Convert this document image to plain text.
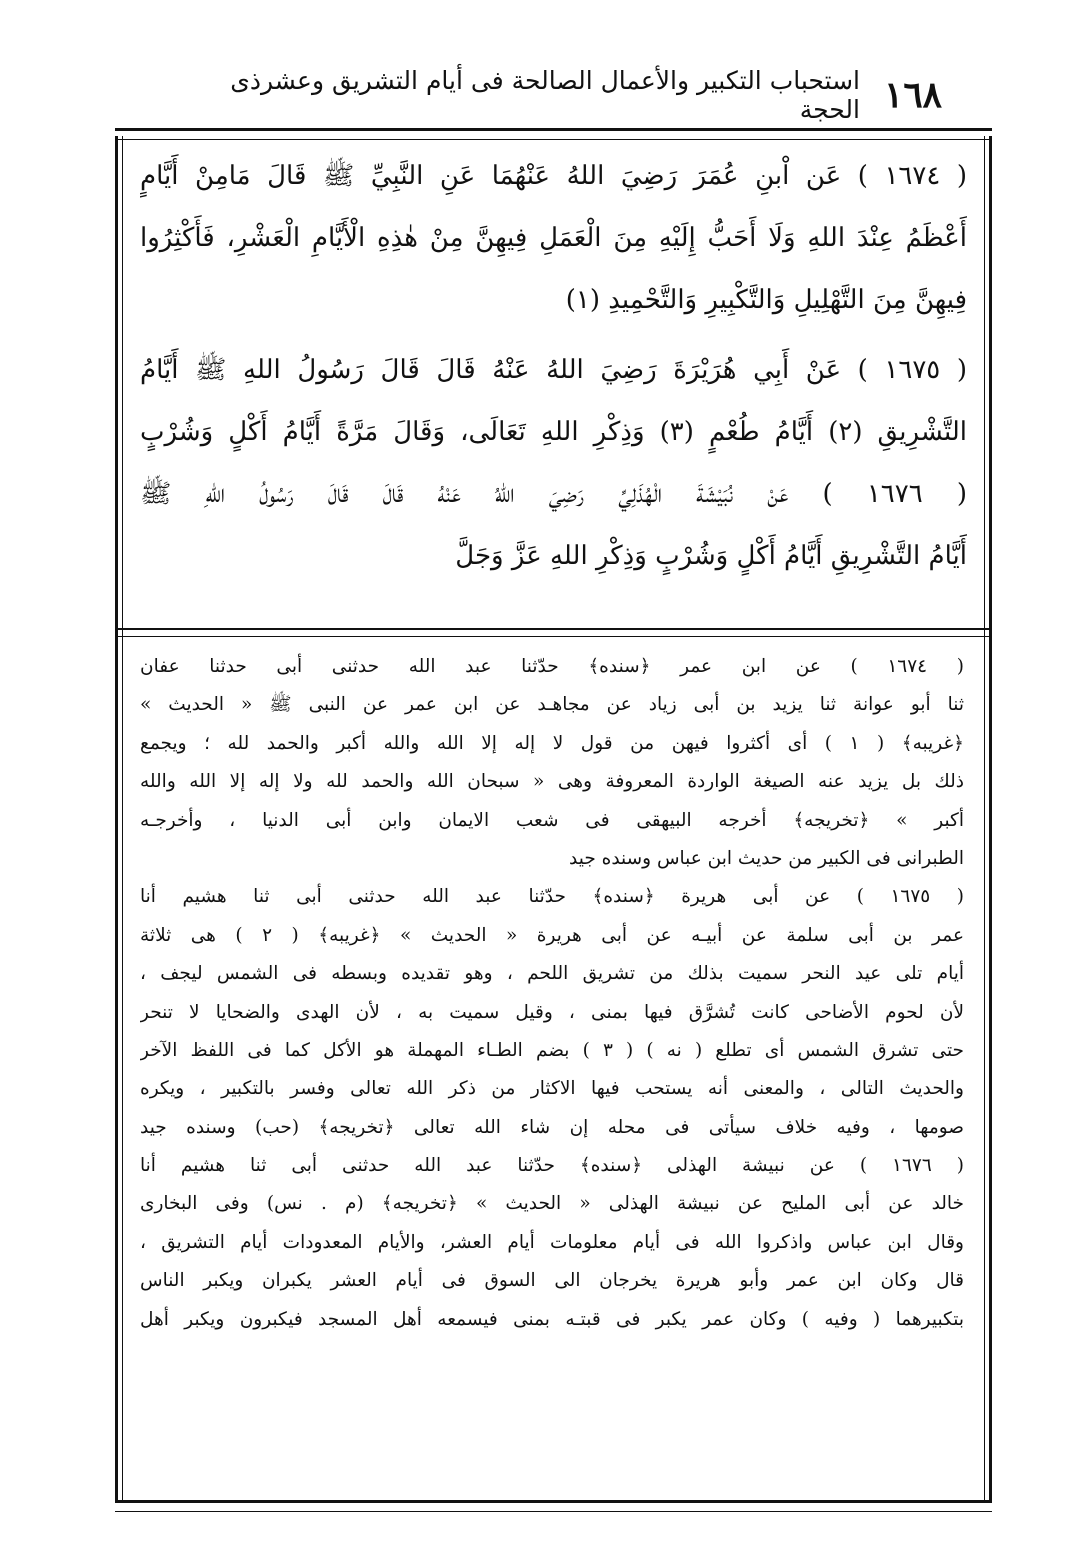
١٦٨
استحباب التكبير والأعمال الصالحة فى أيام التشريق وعشرذى الحجة
( ١٦٧٤ ) عَن اْبنِ عُمَرَ رَضِيَ اللهُ عَنْهُمَا عَنِ النَّبِيِّ ﷺ قَالَ مَامِنْ أَيَّامٍ
أَعْظَمُ عِنْدَ اللهِ وَلَا أَحَبُّ إِلَيْهِ مِنَ الْعَمَلِ فِيهِنَّ مِنْ هٰذِهِ الْأَيَّامِ الْعَشْرِ، فَأَكْثِرُوا
فِيهِنَّ مِنَ التَّهْلِيلِ وَالتَّكْبِيرِ وَالتَّحْمِيدِ (١)
( ١٦٧٥ ) عَنْ أَبِي هُرَيْرَةَ رَضِيَ اللهُ عَنْهُ قَالَ قَالَ رَسُولُ اللهِ ﷺ أَيَّامُ
التَّشْرِيقِ (٢) أَيَّامُ طُعْمٍ (٣) وَذِكْرِ اللهِ تَعَالَى، وَقَالَ مَرَّةً أَيَّامُ أَكْلٍ وَشُرْبٍ
( ١٦٧٦ ) عَنْ نُبَيْشَةَ الْهُذَلِيِّ رَضِيَ اللهُ عَنْهُ قَالَ قَالَ رَسُولُ اللهِ ﷺ
أَيَّامُ التَّشْرِيقِ أَيَّامُ أَكْلٍ وَشُرْبٍ وَذِكْرِ اللهِ عَزَّ وَجَلَّ
( ١٦٧٤ ) عن ابن عمر ﴿سنده﴾ حدّثنا عبد الله حدثنى أبى حدثنا عفان
ثنا أبو عوانة ثنا يزيد بن أبى زياد عن مجاهـد عن ابن عمر عن النبى ﷺ « الحديث »
﴿غريبه﴾ ( ١ ) أى أكثروا فيهن من قول لا إله إلا الله والله أكبر والحمد لله ؛ ويجمع
ذلك بل يزيد عنه الصيغة الواردة المعروفة وهى « سبحان الله والحمد لله ولا إله إلا الله والله
أكبر » ﴿تخريجه﴾ أخرجه البيهقى فى شعب الايمان وابن أبى الدنيا ، وأخرجـه
الطبرانى فى الكبير من حديث ابن عباس وسنده جيد
( ١٦٧٥ ) عن أبى هريرة ﴿سنده﴾ حدّثنا عبد الله حدثنى أبى ثنا هشيم أنا
عمر بن أبى سلمة عن أبيـه عن أبى هريرة « الحديث » ﴿غريبه﴾ ( ٢ ) هى ثلاثة
أيام تلى عيد النحر سميت بذلك من تشريق اللحم ، وهو تقديده وبسطه فى الشمس ليجف ،
لأن لحوم الأضاحى كانت تُشرَّق فيها بمنى ، وقيل سميت به ، لأن الهدى والضحايا لا تنحر
حتى تشرق الشمس أى تطلع ( نه ) ( ٣ ) بضم الطـاء المهملة هو الأكل كما فى اللفظ الآخر
والحديث التالى ، والمعنى أنه يستحب فيها الاكثار من ذكر الله تعالى وفسر بالتكبير ، ويكره
صومها ، وفيه خلاف سيأتى فى محله إن شاء الله تعالى ﴿تخريجه﴾ (حب) وسنده جيد
( ١٦٧٦ ) عن نبيشة الهذلى ﴿سنده﴾ حدّثنا عبد الله حدثنى أبى ثنا هشيم أنا
خالد عن أبى المليح عن نبيشة الهذلى « الحديث » ﴿تخريجه﴾ (م . نس) وفى البخارى
وقال ابن عباس واذكروا الله فى أيام معلومات أيام العشر، والأيام المعدودات أيام التشريق ،
قال وكان ابن عمر وأبو هريرة يخرجان الى السوق فى أيام العشر يكبران ويكبر الناس
بتكبيرهما ( وفيه ) وكان عمر يكبر فى قبتـه بمنى فيسمعه أهل المسجد فيكبرون ويكبر أهل
